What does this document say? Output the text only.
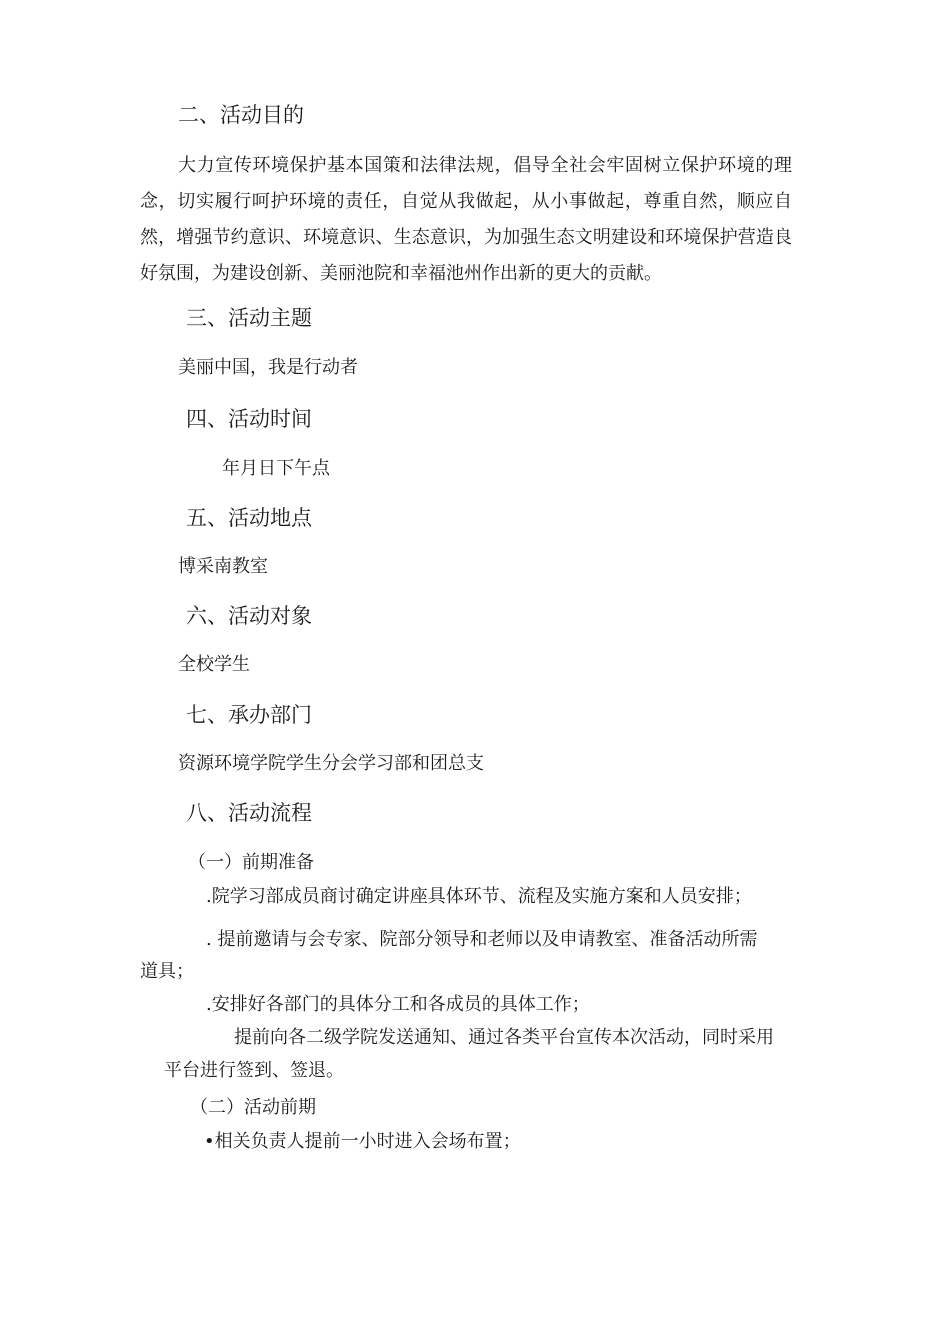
二、活动目的

大力宣传环境保护基本国策和法律法规，倡导全社会牢固树立保护环境的理念，切实履行呵护环境的责任，自觉从我做起，从小事做起，尊重自然，顺应自然，增强节约意识、环境意识、生态意识，为加强生态文明建设和环境保护营造良好氛围，为建设创新、美丽池院和幸福池州作出新的更大的贡献。

三、活动主题

美丽中国，我是行动者

四、活动时间

年月日下午点

五、活动地点

博采南教室

六、活动对象

全校学生

七、承办部门

资源环境学院学生分会学习部和团总支

八、活动流程

（一）前期准备

.院学习部成员商讨确定讲座具体环节、流程及实施方案和人员安排；

. 提前邀请与会专家、院部分领导和老师以及申请教室、准备活动所需

道具；

.安排好各部门的具体分工和各成员的具体工作；

提前向各二级学院发送通知、通过各类平台宣传本次活动，同时采用

平台进行签到、签退。

（二）活动前期

•相关负责人提前一小时进入会场布置；
